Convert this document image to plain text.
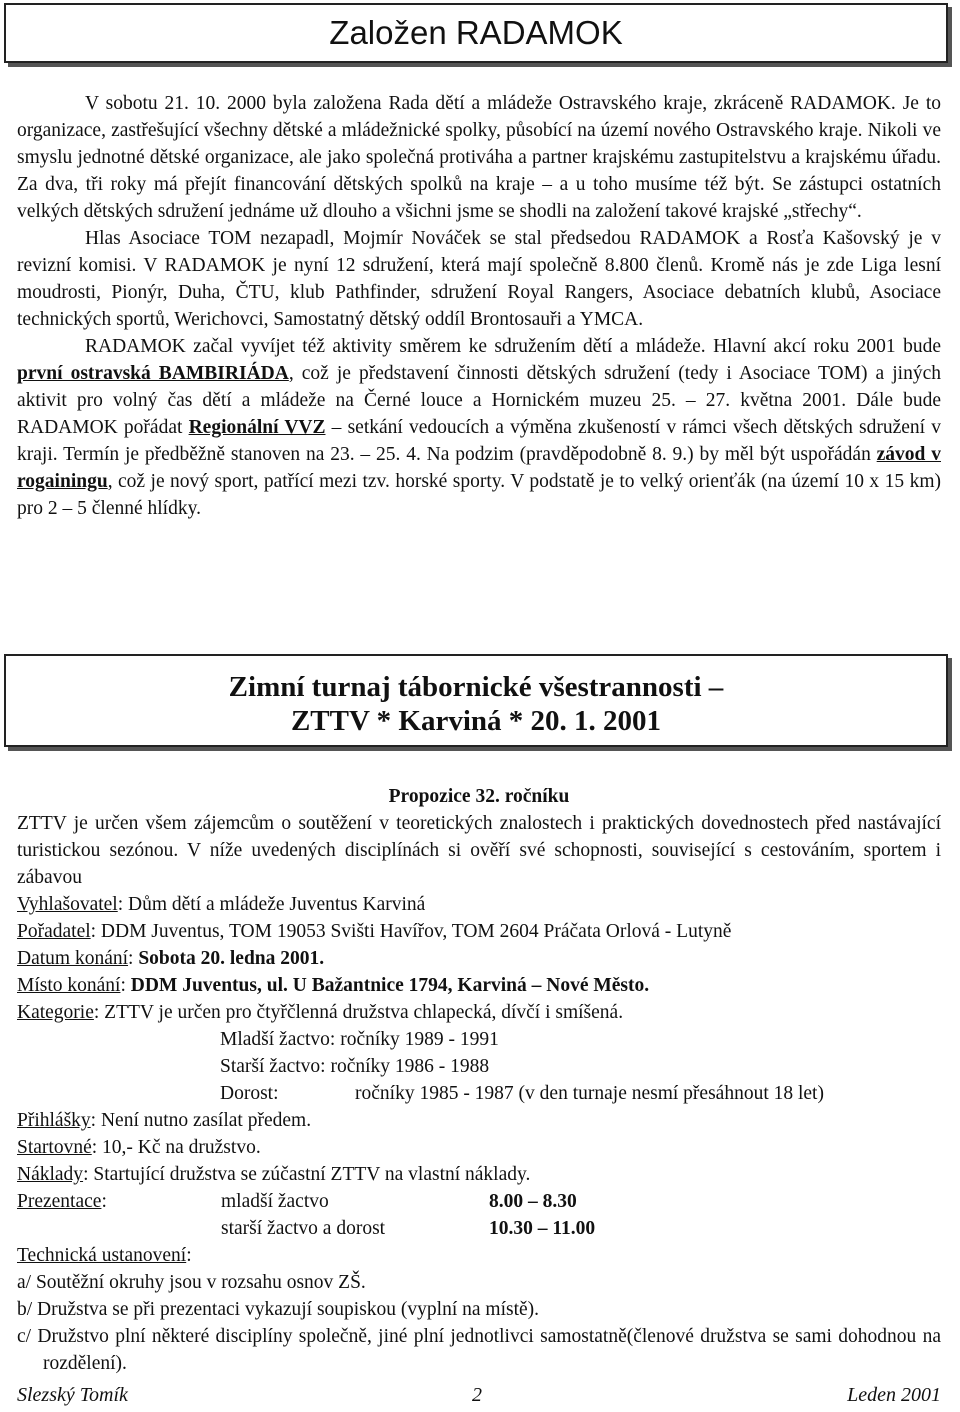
Založen RADAMOK

V sobotu 21. 10. 2000 byla založena Rada dětí a mládeže Ostravského kraje, zkráceně RADAMOK. Je to organizace, zastřešující všechny dětské a mládežnické spolky, působící na území nového Ostravského kraje. Nikoli ve smyslu jednotné dětské organizace, ale jako společná protiváha a partner krajskému zastupitelstvu a krajskému úřadu. Za dva, tři roky má přejít financování dětských spolků na kraje – a u toho musíme též být. Se zástupci ostatních velkých dětských sdružení jednáme už dlouho a všichni jsme se shodli na založení takové krajské „střechy“.

Hlas Asociace TOM nezapadl, Mojmír Nováček se stal předsedou RADAMOK a Rosťa Kašovský je v revizní komisi. V RADAMOK je nyní 12 sdružení, která mají společně 8.800 členů. Kromě nás je zde Liga lesní moudrosti, Pionýr, Duha, ČTU, klub Pathfinder, sdružení Royal Rangers, Asociace debatních klubů, Asociace technických sportů, Werichovci, Samostatný dětský oddíl Brontosauři a YMCA.

RADAMOK začal vyvíjet též aktivity směrem ke sdružením dětí a mládeže. Hlavní akcí roku 2001 bude první ostravská BAMBIRIÁDA, což je představení činnosti dětských sdružení (tedy i Asociace TOM) a jiných aktivit pro volný čas dětí a mládeže na Černé louce a Hornickém muzeu 25. – 27. května 2001. Dále bude RADAMOK pořádat Regionální VVZ – setkání vedoucích a výměna zkušeností v rámci všech dětských sdružení v kraji. Termín je předběžně stanoven na 23. – 25. 4. Na podzim (pravděpodobně 8. 9.) by měl být uspořádán závod v rogainingu, což je nový sport, patřící mezi tzv. horské sporty. V podstatě je to velký orienťák (na území 10 x 15 km) pro 2 – 5 členné hlídky.

Zimní turnaj tábornické všestrannosti –
ZTTV * Karviná * 20. 1. 2001
Propozice 32. ročníku
ZTTV je určen všem zájemcům o soutěžení v teoretických znalostech i praktických dovednostech před nastávající turistickou sezónou. V níže uvedených disciplínách si ověří své schopnosti, související s cestováním, sportem i zábavou
Vyhlašovatel: Dům dětí a mládeže Juventus Karviná
Pořadatel: DDM Juventus, TOM 19053 Svišti Havířov, TOM 2604 Práčata Orlová - Lutyně
Datum konání: Sobota 20. ledna 2001.
Místo konání: DDM Juventus, ul. U Bažantnice 1794, Karviná – Nové Město.
Kategorie: ZTTV je určen pro čtyřčlenná družstva chlapecká, dívčí i smíšená.
Mladší žactvo: ročníky 1989 - 1991
Starší žactvo: ročníky 1986 - 1988
Dorost:	ročníky 1985 - 1987 (v den turnaje nesmí přesáhnout 18 let)
Přihlášky: Není nutno zasílat předem.
Startovné: 10,- Kč na družstvo.
Náklady: Startující družstva se zúčastní ZTTV na vlastní náklady.
Prezentace:	mladší žactvo	8.00 – 8.30
starší žactvo a dorost	10.30 – 11.00
Technická ustanovení:
a/ Soutěžní okruhy jsou v rozsahu osnov ZŠ.
b/ Družstva se při prezentaci vykazují soupiskou (vyplní na místě).
c/ Družstvo plní některé disciplíny společně, jiné plní jednotlivci samostatně(členové družstva se sami dohodnou na rozdělení).
Slezský Tomík	2	Leden 2001
